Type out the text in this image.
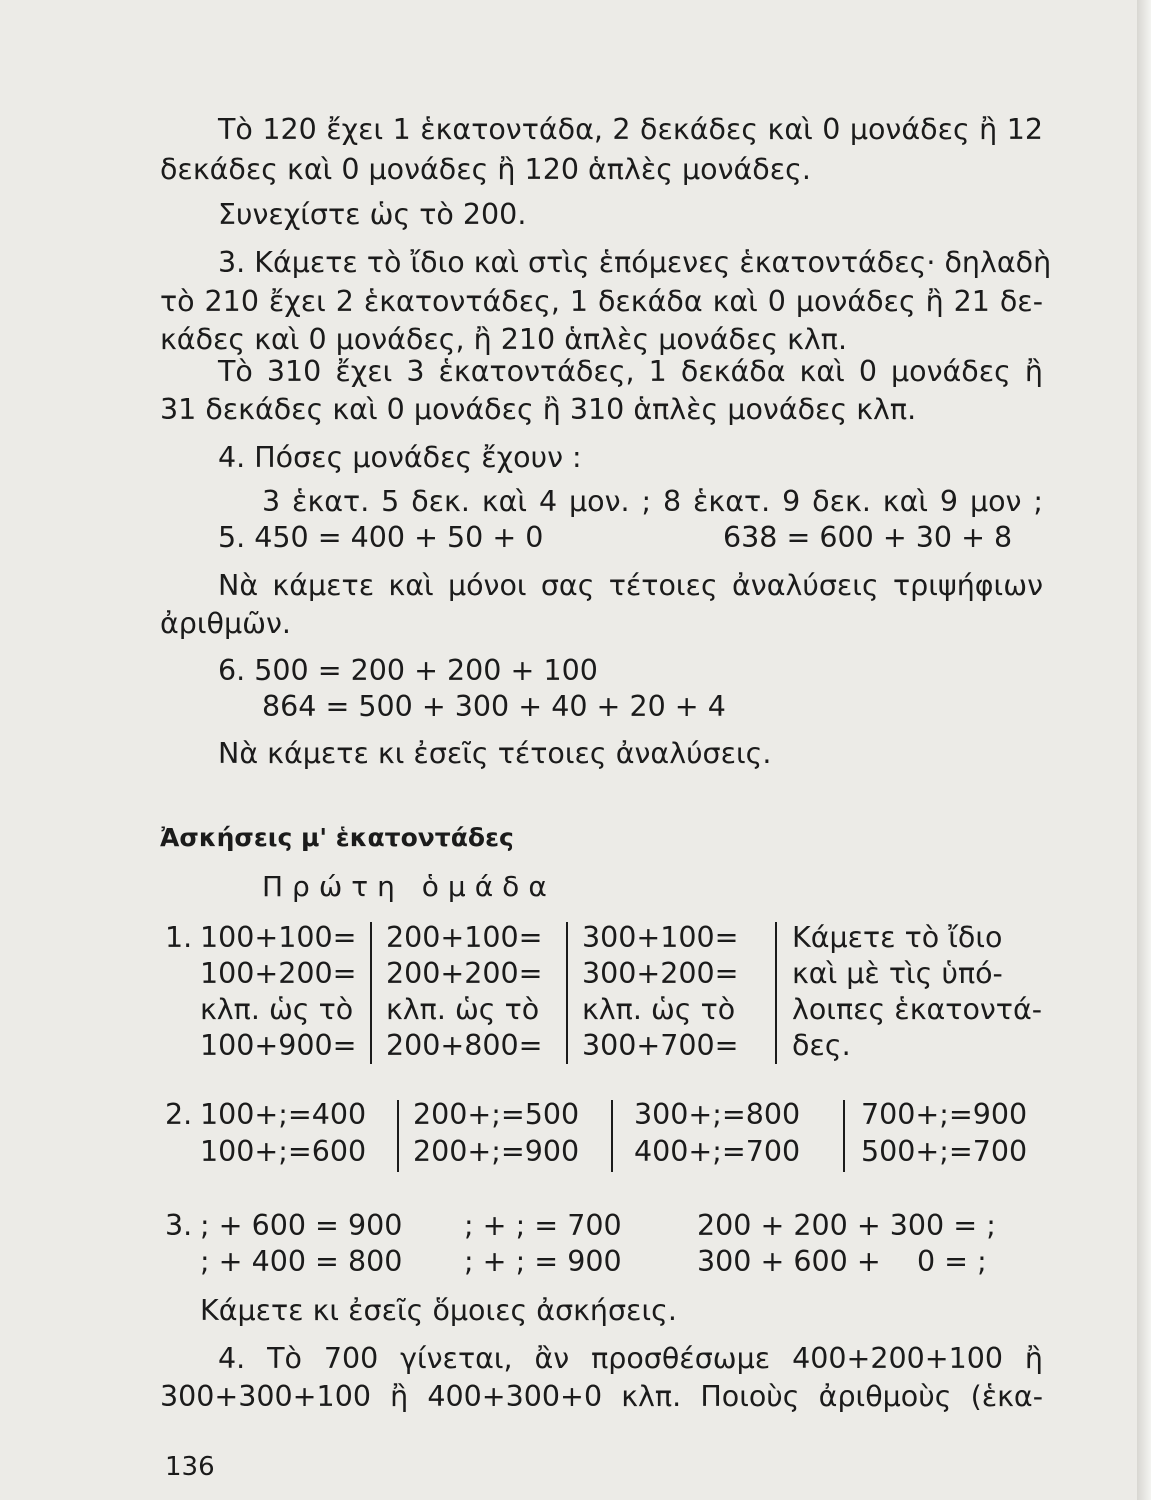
Τὸ 120 ἔχει 1 ἑκατοντάδα, 2 δεκάδες καὶ 0 μονάδες ἢ 12
δεκάδες καὶ 0 μονάδες ἢ 120 ἁπλὲς μονάδες.
Συνεχίστε ὡς τὸ 200.
3. Κάμετε τὸ ἴδιο καὶ στὶς ἑπόμενες ἑκατοντάδες· δηλαδὴ
τὸ 210 ἔχει 2 ἑκατοντάδες, 1 δεκάδα καὶ 0 μονάδες ἢ 21 δε-
κάδες καὶ 0 μονάδες, ἢ 210 ἁπλὲς μονάδες κλπ.
Τὸ 310 ἔχει 3 ἑκατοντάδες, 1 δεκάδα καὶ 0 μονάδες ἢ
31 δεκάδες καὶ 0 μονάδες ἢ 310 ἁπλὲς μονάδες κλπ.
4. Πόσες μονάδες ἔχουν :
3 ἑκατ. 5 δεκ. καὶ 4 μον. ; 8 ἑκατ. 9 δεκ. καὶ 9 μον ;
5. 450 = 400 + 50 + 0	638 = 600 + 30 + 8
Νὰ κάμετε καὶ μόνοι σας τέτοιες ἀναλύσεις τριψήφιων
ἀριθμῶν.
6. 500 = 200 + 200 + 100
864 = 500 + 300 + 40 + 20 + 4
Νὰ κάμετε κι ἐσεῖς τέτοιες ἀναλύσεις.
Ἀσκήσεις μ' ἑκατοντάδες
Πρώτη ὁμάδα
1. 100+100=
100+200=
κλπ. ὡς τὸ
100+900=
200+100=
200+200=
κλπ. ὡς τὸ
200+800=
300+100=
300+200=
κλπ. ὡς τὸ
300+700=
Κάμετε τὸ ἴδιο
καὶ μὲ τὶς ὑπό-
λοιπες ἑκατοντά-
δες.
2. 100+;=400
100+;=600
200+;=500
200+;=900
300+;=800
400+;=700
700+;=900
500+;=700
3. ; + 600 = 900
; + 400 = 800
; + ; = 700
; + ; = 900
200 + 200 + 300 = ;
300 + 600 +    0 = ;
Κάμετε κι ἐσεῖς ὅμοιες ἀσκήσεις.
4. Τὸ 700 γίνεται, ἂν προσθέσωμε 400+200+100 ἢ
300+300+100 ἢ 400+300+0 κλπ. Ποιοὺς ἀριθμοὺς (ἑκα-
136
